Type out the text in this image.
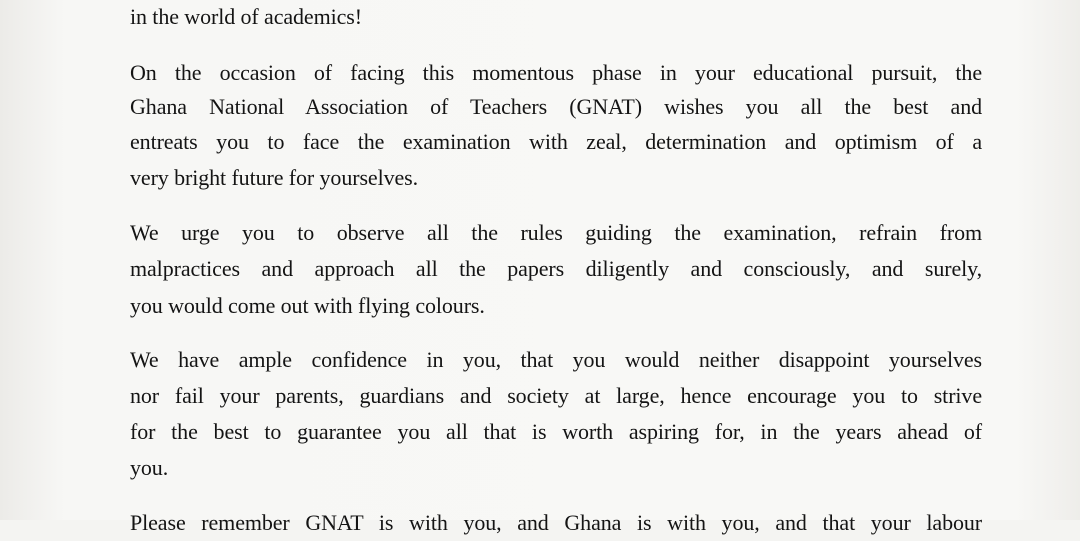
in the world of academics!
On the occasion of facing this momentous phase in your educational pursuit, the
Ghana National Association of Teachers (GNAT) wishes you all the best and
entreats you to face the examination with zeal, determination and optimism of a
very bright future for yourselves.
We urge you to observe all the rules guiding the examination, refrain from
malpractices and approach all the papers diligently and consciously, and surely,
you would come out with flying colours.
We have ample confidence in you, that you would neither disappoint yourselves
nor fail your parents, guardians and society at large, hence encourage you to strive
for the best to guarantee you all that is worth aspiring for, in the years ahead of
you.
Please remember GNAT is with you, and Ghana is with you, and that your labour
